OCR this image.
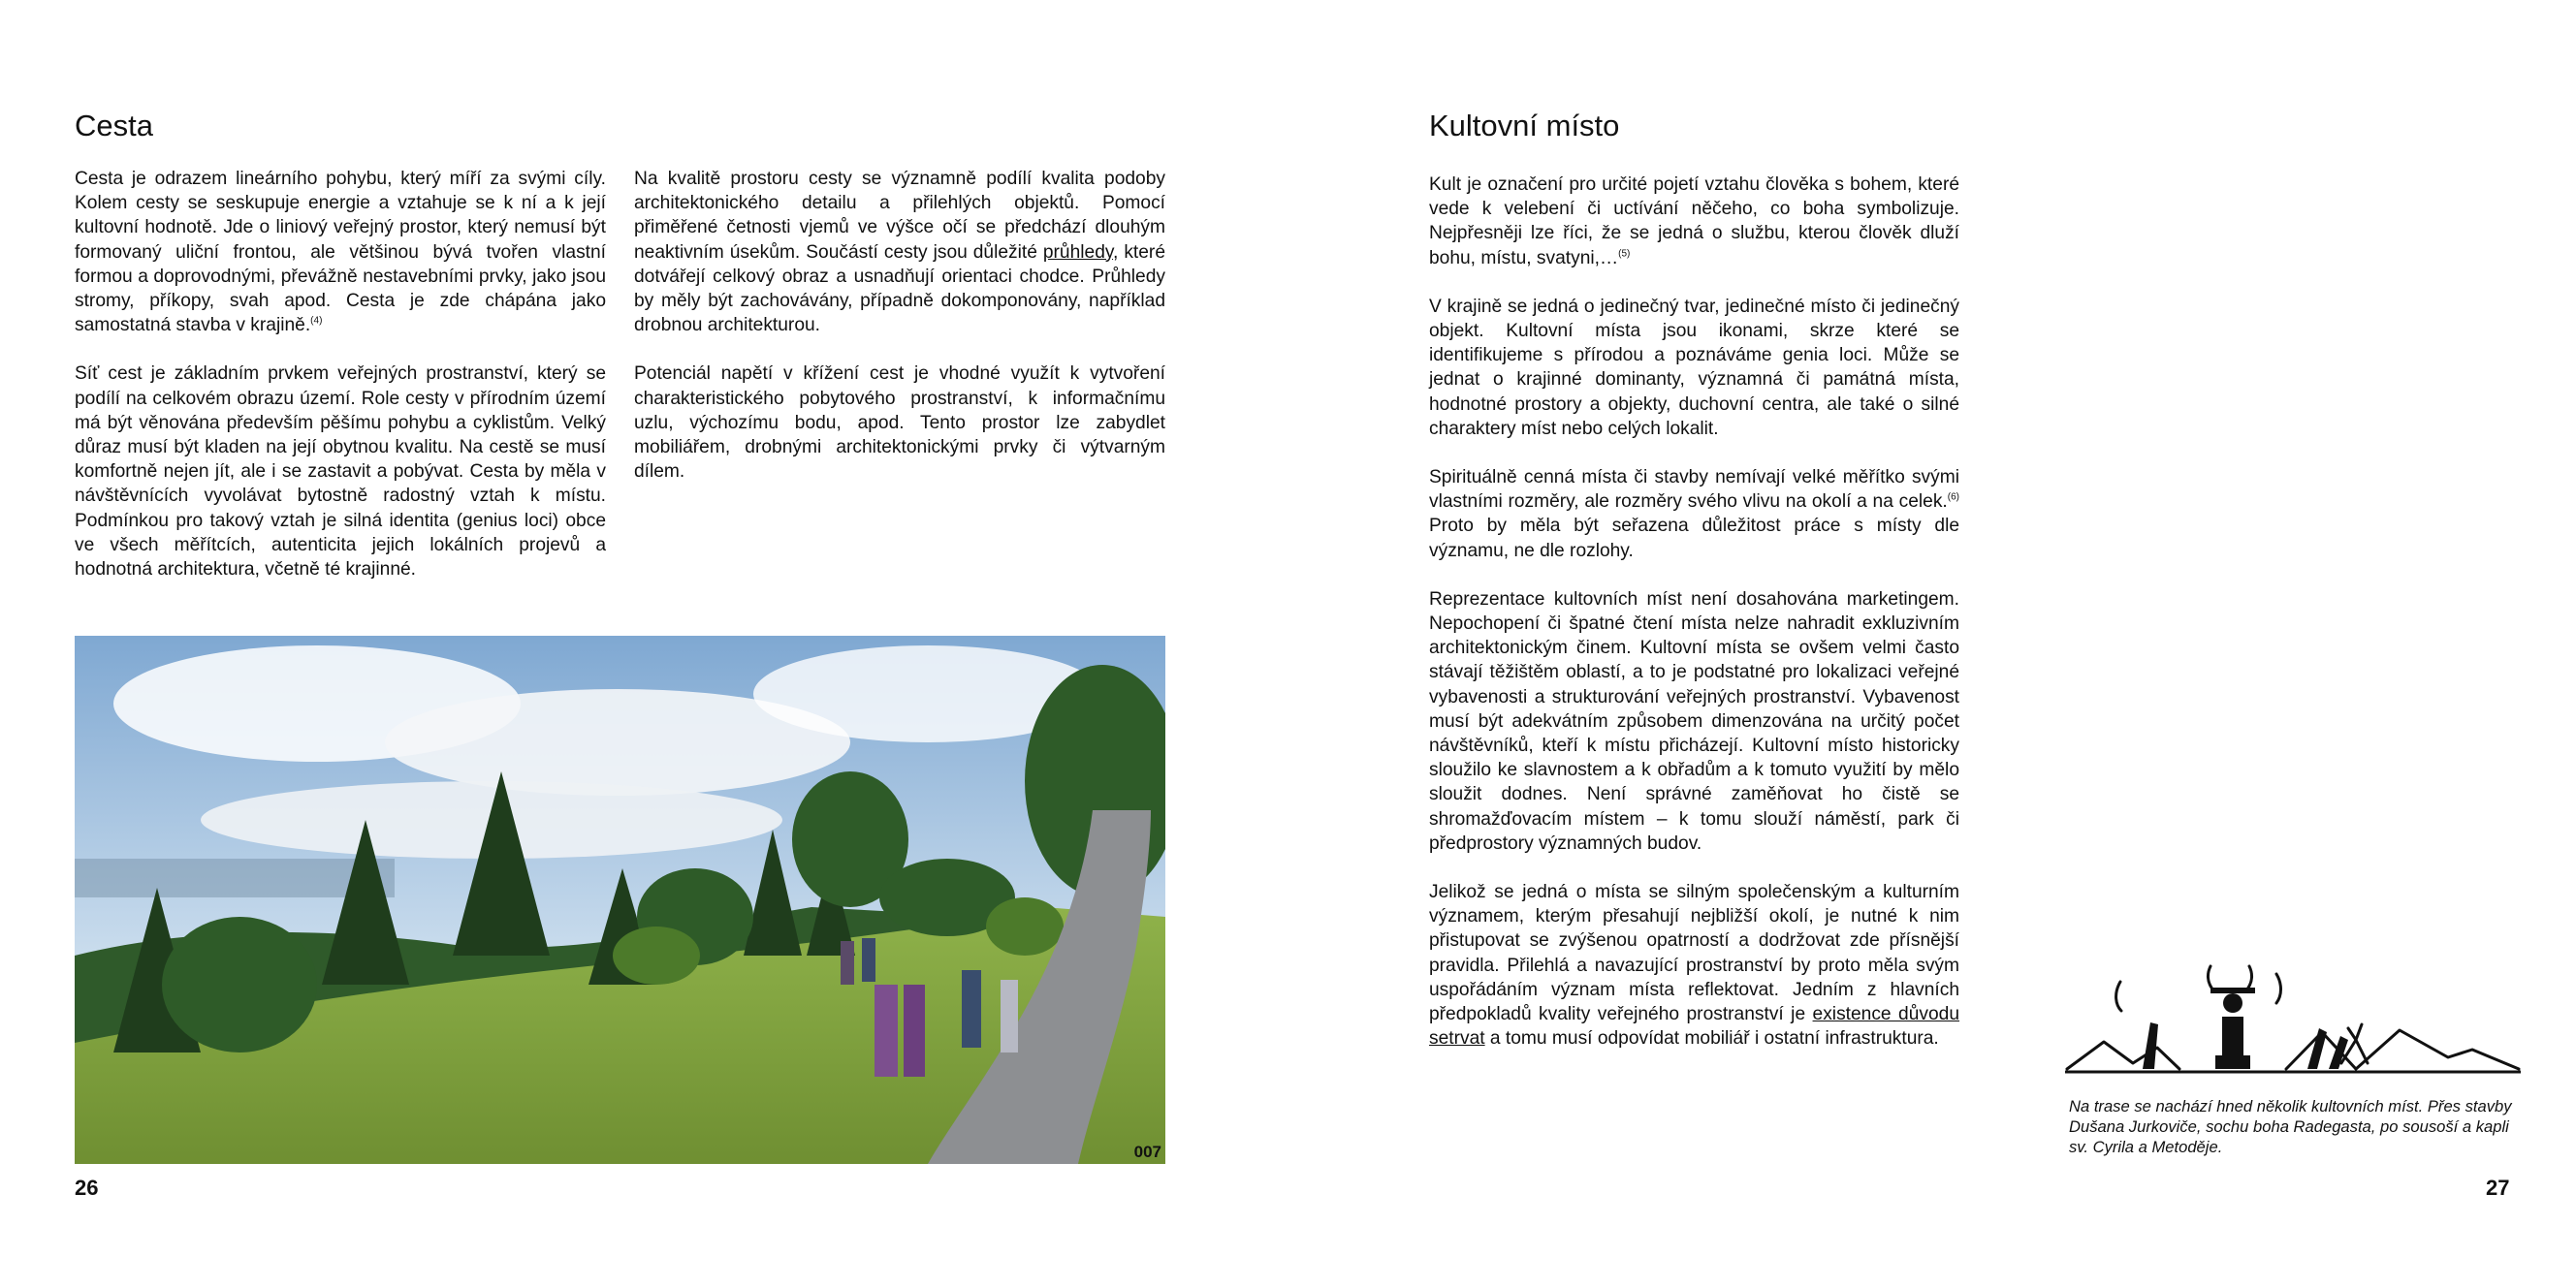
Cesta

Cesta je odrazem lineárního pohybu, který míří za svými cíly. Kolem cesty se seskupuje energie a vztahuje se k ní a k její kultovní hodnotě. Jde o liniový veřejný prostor, který nemusí být formovaný uliční frontou, ale většinou bývá tvořen vlastní formou a doprovodnými, převážně nestavebními prvky, jako jsou stromy, příkopy, svah apod. Cesta je zde chápána jako samostatná stavba v krajině.$^{(4)}$

Síť cest je základním prvkem veřejných prostranství, který se podílí na celkovém obrazu území. Role cesty v přírodním území má být věnována především pěšímu pohybu a cyklistům. Velký důraz musí být kladen na její obytnou kvalitu. Na cestě se musí komfortně nejen jít, ale i se zastavit a pobývat. Cesta by měla v návštěvnících vyvolávat bytostně radostný vztah k místu. Podmínkou pro takový vztah je silná identita (genius loci) obce ve všech měřítcích, autenticita jejich lokálních projevů a hodnotná architektura, včetně té krajinné.

Na kvalitě prostoru cesty se významně podílí kvalita podoby architektonického detailu a přilehlých objektů. Pomocí přiměřené četnosti vjemů ve výšce očí se předchází dlouhým neaktivním úsekům. Součástí cesty jsou důležité průhledy, které dotvářejí celkový obraz a usnadňují orientaci chodce. Průhledy by měly být zachovávány, případně dokomponovány, například drobnou architekturou.

Potenciál napětí v křížení cest je vhodné využít k vytvoření charakteristického pobytového prostranství, k informačnímu uzlu, výchozímu bodu, apod. Tento prostor lze zabydlet mobiliářem, drobnými architektonickými prvky či výtvarným dílem.

007
26
Kultovní místo

Kult je označení pro určité pojetí vztahu člověka s bohem, které vede k velebení či uctívání něčeho, co boha symbolizuje. Nejpřesněji lze říci, že se jedná o službu, kterou člověk dluží bohu, místu, svatyni,…$^{(5)}$

V krajině se jedná o jedinečný tvar, jedinečné místo či jedinečný objekt. Kultovní místa jsou ikonami, skrze které se identifikujeme s přírodou a poznáváme genia loci. Může se jednat o krajinné dominanty, významná či památná místa, hodnotné prostory a objekty, duchovní centra, ale také o silné charaktery míst nebo celých lokalit.

Spirituálně cenná místa či stavby nemívají velké měřítko svými vlastními rozměry, ale rozměry svého vlivu na okolí a na celek.$^{(6)}$ Proto by měla být seřazena důležitost práce s místy dle významu, ne dle rozlohy.

Reprezentace kultovních míst není dosahována marketingem. Nepochopení či špatné čtení místa nelze nahradit exkluzivním architektonickým činem. Kultovní místa se ovšem velmi často stávají těžištěm oblastí, a to je podstatné pro lokalizaci veřejné vybavenosti a strukturování veřejných prostranství. Vybavenost musí být adekvátním způsobem dimenzována na určitý počet návštěvníků, kteří k místu přicházejí. Kultovní místo historicky sloužilo ke slavnostem a k obřadům a k tomuto využití by mělo sloužit dodnes. Není správné zaměňovat ho čistě se shromažďovacím místem – k tomu slouží náměstí, park či předprostory významných budov.

Jelikož se jedná o místa se silným společenským a kulturním významem, kterým přesahují nejbližší okolí, je nutné k nim přistupovat se zvýšenou opatrností a dodržovat zde přísnější pravidla. Přilehlá a navazující prostranství by proto měla svým uspořádáním význam místa reflektovat. Jedním z hlavních předpokladů kvality veřejného prostranství je existence důvodu setrvat a tomu musí odpovídat mobiliář i ostatní infrastruktura.

27
Na trase se nachází hned několik kultovních míst. Přes stavby Dušana Jurkoviče, sochu boha Radegasta, po sousoší a kapli sv. Cyrila a Metoděje.
